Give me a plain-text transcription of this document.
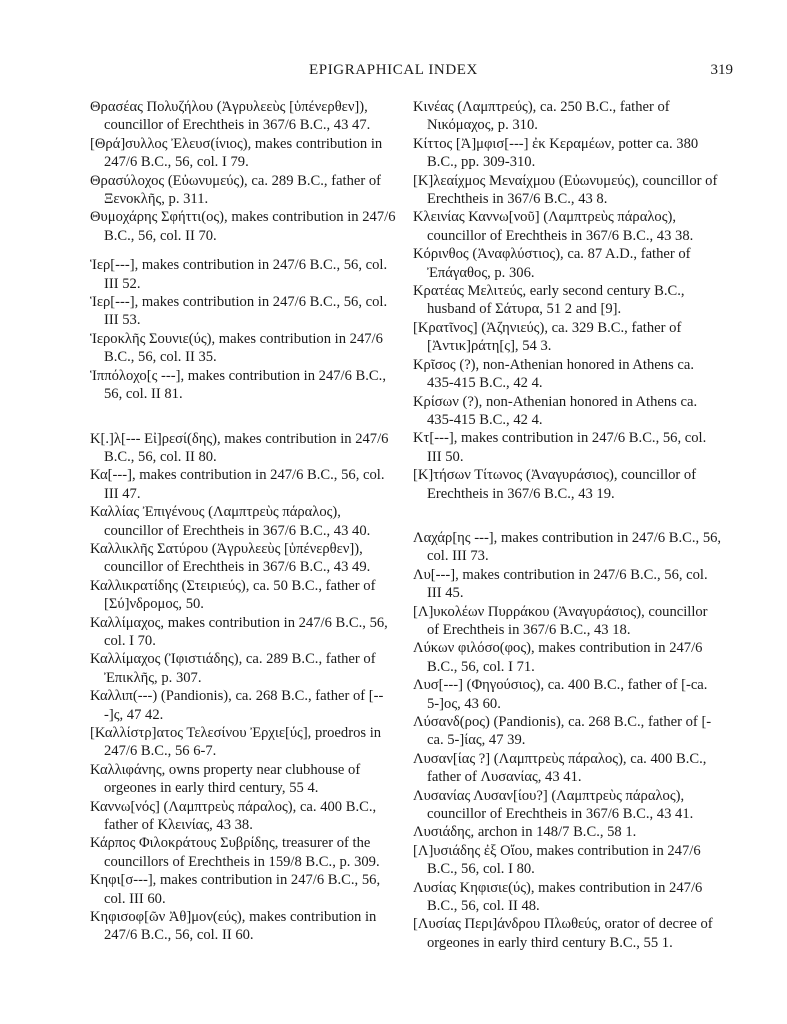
EPIGRAPHICAL INDEX	319

Θρασέας Πολυζήλου (Ἀγρυλεεὺς [ὑπένερθεν]), councillor of Erechtheis in 367/6 B.C., 43 47.

[Θρά]συλλος Ἐλευσ(ίνιος), makes contribution in 247/6 B.C., 56, col. I 79.

Θρασύλοχος (Εὐωνυμεύς), ca. 289 B.C., father of Ξενοκλῆς, p. 311.

Θυμοχάρης Σφήττι(ος), makes contribution in 247/6 B.C., 56, col. II 70.

Ἱερ[---], makes contribution in 247/6 B.C., 56, col. III 52.

Ἱερ[---], makes contribution in 247/6 B.C., 56, col. III 53.

Ἱεροκλῆς Σουνιε(ύς), makes contribution in 247/6 B.C., 56, col. II 35.

Ἱππόλοχο[ς ---], makes contribution in 247/6 B.C., 56, col. II 81.

Κ[.]λ[--- Εἰ]ρεσί(δης), makes contribution in 247/6 B.C., 56, col. II 80.

Κα[---], makes contribution in 247/6 B.C., 56, col. III 47.

Καλλίας Ἐπιγένους (Λαμπτρεὺς πάραλος), councillor of Erechtheis in 367/6 B.C., 43 40.

Καλλικλῆς Σατύρου (Ἀγρυλεεὺς [ὑπένερθεν]), councillor of Erechtheis in 367/6 B.C., 43 49.

Καλλικρατίδης (Στειριεύς), ca. 50 B.C., father of [Σύ]νδρομος, 50.

Καλλίμαχος, makes contribution in 247/6 B.C., 56, col. I 70.

Καλλίμαχος (Ἰφιστιάδης), ca. 289 B.C., father of Ἐπικλῆς, p. 307.

Καλλιπ(---) (Pandionis), ca. 268 B.C., father of [---]ς, 47 42.

[Καλλίστρ]ατος Τελεσίνου Ἐρχιε[ύς], proedros in 247/6 B.C., 56 6-7.

Καλλιφάνης, owns property near clubhouse of orgeones in early third century, 55 4.

Καννω[νός] (Λαμπτρεὺς πάραλος), ca. 400 B.C., father of Κλεινίας, 43 38.

Κάρπος Φιλοκράτους Συβρίδης, treasurer of the councillors of Erechtheis in 159/8 B.C., p. 309.

Κηφι[σ---], makes contribution in 247/6 B.C., 56, col. III 60.

Κηφισοφ[ῶν Ἀθ]μον(εύς), makes contribution in 247/6 B.C., 56, col. II 60.

Κινέας (Λαμπτρεύς), ca. 250 B.C., father of Νικόμαχος, p. 310.

Κίττος [Ἀ]μφισ[---] ἐκ Κεραμέων, potter ca. 380 B.C., pp. 309-310.

[Κ]λεαίχμος Μεναίχμου (Εὐωνυμεύς), councillor of Erechtheis in 367/6 B.C., 43 8.

Κλεινίας Καννω[νοῦ] (Λαμπτρεὺς πάραλος), councillor of Erechtheis in 367/6 B.C., 43 38.

Κόρινθος (Ἀναφλύστιος), ca. 87 A.D., father of Ἐπάγαθος, p. 306.

Κρατέας Μελιτεύς, early second century B.C., husband of Σάτυρα, 51 2 and [9].

[Κρατῖνος] (Ἀζηνιεύς), ca. 329 B.C., father of [Ἀντικ]ράτη[ς], 54 3.

Κρῖσος (?), non-Athenian honored in Athens ca. 435-415 B.C., 42 4.

Κρίσων (?), non-Athenian honored in Athens ca. 435-415 B.C., 42 4.

Κτ[---], makes contribution in 247/6 B.C., 56, col. III 50.

[Κ]τήσων Τίτωνος (Ἀναγυράσιος), councillor of Erechtheis in 367/6 B.C., 43 19.

Λαχάρ[ης ---], makes contribution in 247/6 B.C., 56, col. III 73.

Λυ[---], makes contribution in 247/6 B.C., 56, col. III 45.

[Λ]υκολέων Πυρράκου (Ἀναγυράσιος), councillor of Erechtheis in 367/6 B.C., 43 18.

Λύκων φιλόσο(φος), makes contribution in 247/6 B.C., 56, col. I 71.

Λυσ[---] (Φηγούσιος), ca. 400 B.C., father of [-ca. 5-]ος, 43 60.

Λύσανδ(ρος) (Pandionis), ca. 268 B.C., father of [-ca. 5-]ίας, 47 39.

Λυσαν[ίας ?] (Λαμπτρεὺς πάραλος), ca. 400 B.C., father of Λυσανίας, 43 41.

Λυσανίας Λυσαν[ίου?] (Λαμπτρεὺς πάραλος), councillor of Erechtheis in 367/6 B.C., 43 41.

Λυσιάδης, archon in 148/7 B.C., 58 1.

[Λ]υσιάδης ἐξ Οἴου, makes contribution in 247/6 B.C., 56, col. I 80.

Λυσίας Κηφισιε(ύς), makes contribution in 247/6 B.C., 56, col. II 48.

[Λυσίας Περι]άνδρου Πλωθεύς, orator of decree of orgeones in early third century B.C., 55 1.
